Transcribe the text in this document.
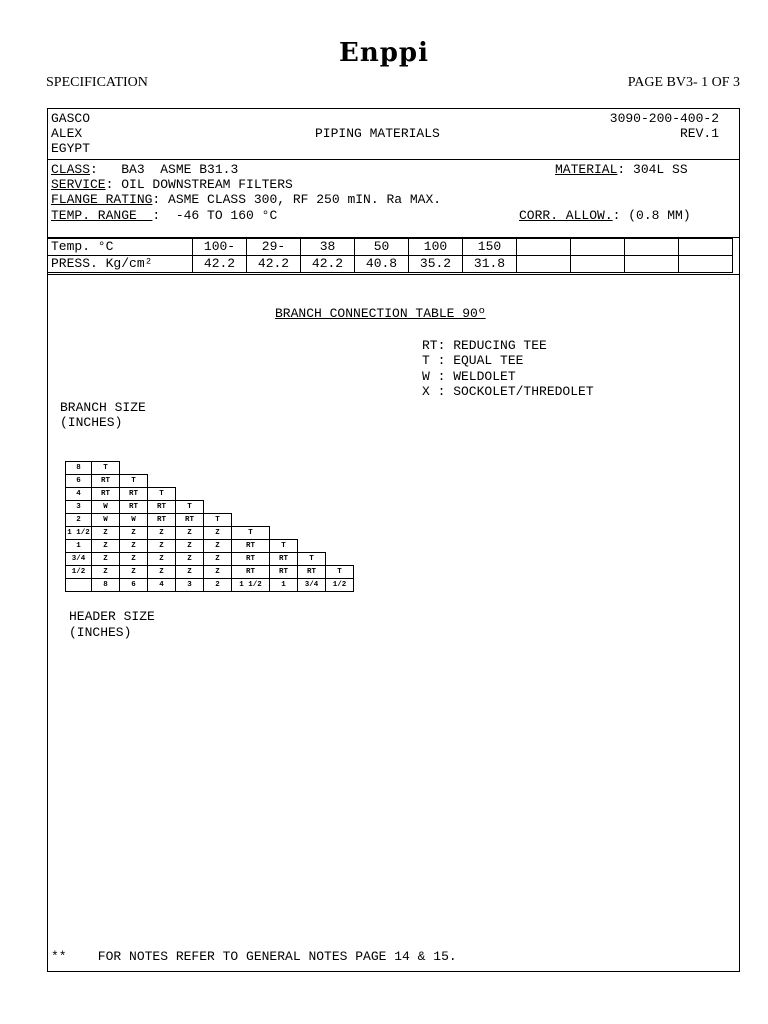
Enppi
SPECIFICATION	PAGE BV3- 1 OF 3
GASCO
ALEX
EGYPT
PIPING MATERIALS
3090-200-400-2
REV.1
CLASS:   BA3  ASME B31.3	MATERIAL: 304L SS
SERVICE: OIL DOWNSTREAM FILTERS
FLANGE RATING: ASME CLASS 300, RF 250 mIN. Ra MAX.
TEMP. RANGE  :  -46 TO 160 °C	CORR. ALLOW.: (0.8 MM)
Temp. °C	100-	29-	38	50	100	150				
PRESS. Kg/cm²	42.2	42.2	42.2	40.8	35.2	31.8				
BRANCH CONNECTION TABLE 90º
RT: REDUCING TEE
T : EQUAL TEE
W : WELDOLET
X : SOCKOLET/THREDOLET
BRANCH SIZE
(INCHES)
8	T								
6	RT	T							
4	RT	RT	T						
3	W	RT	RT	T					
2	W	W	RT	RT	T				
1 1/2	Z	Z	Z	Z	Z	T			
1	Z	Z	Z	Z	Z	RT	T		
3/4	Z	Z	Z	Z	Z	RT	RT	T	
1/2	Z	Z	Z	Z	Z	RT	RT	RT	T
	8	6	4	3	2	1 1/2	1	3/4	1/2
HEADER SIZE
(INCHES)
**    FOR NOTES REFER TO GENERAL NOTES PAGE 14 & 15.
